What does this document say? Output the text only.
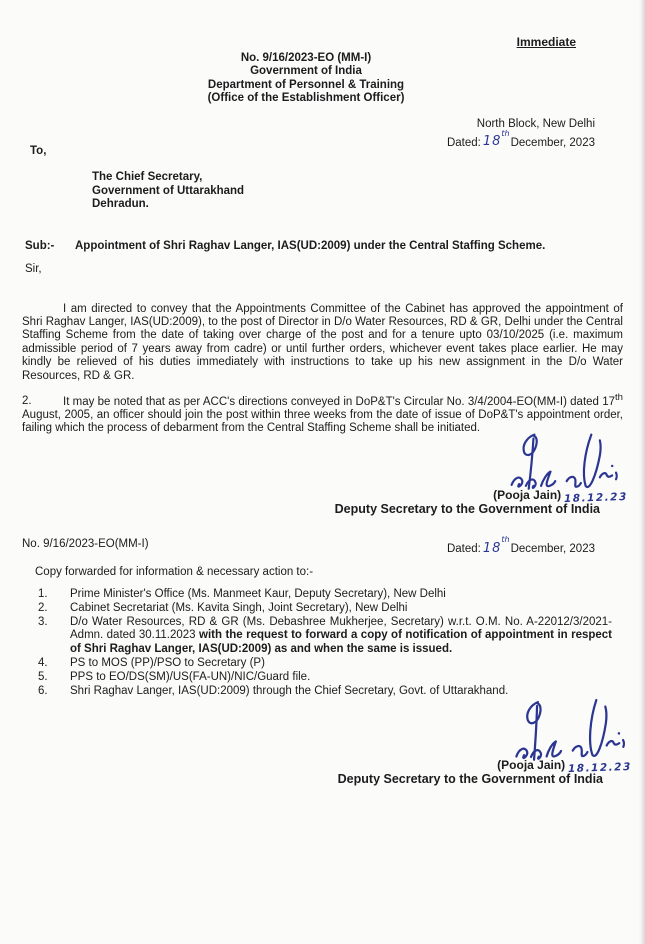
Immediate
No. 9/16/2023-EO (MM-I)
Government of India
Department of Personnel & Training
(Office of the Establishment Officer)
North Block, New Delhi
Dated: 18thDecember, 2023
To,
The Chief Secretary,
Government of Uttarakhand
Dehradun.
Sub:-	Appointment of Shri Raghav Langer, IAS(UD:2009) under the Central Staffing Scheme.
Sir,

I am directed to convey that the Appointments Committee of the Cabinet has approved the appointment of Shri Raghav Langer, IAS(UD:2009), to the post of Director in D/o Water Resources, RD & GR, Delhi under the Central Staffing Scheme from the date of taking over charge of the post and for a tenure upto 03/10/2025 (i.e. maximum admissible period of 7 years away from cadre) or until further orders, whichever event takes place earlier. He may kindly be relieved of his duties immediately with instructions to take up his new assignment in the D/o Water Resources, RD & GR.

2.	It may be noted that as per ACC's directions conveyed in DoP&T's Circular No. 3/4/2004-EO(MM-I) dated 17th August, 2005, an officer should join the post within three weeks from the date of issue of DoP&T's appointment order, failing which the process of debarment from the Central Staffing Scheme shall be initiated.

(Pooja Jain) 18.12.23
Deputy Secretary to the Government of India
No. 9/16/2023-EO(MM-I)	Dated: 18thDecember, 2023
Copy forwarded for information & necessary action to:-
1.	Prime Minister's Office (Ms. Manmeet Kaur, Deputy Secretary), New Delhi
2.	Cabinet Secretariat (Ms. Kavita Singh, Joint Secretary), New Delhi
3.	D/o Water Resources, RD & GR (Ms. Debashree Mukherjee, Secretary) w.r.t. O.M. No. A-22012/3/2021-Admn. dated 30.11.2023 with the request to forward a copy of notification of appointment in respect of Shri Raghav Langer, IAS(UD:2009) as and when the same is issued.
4.	PS to MOS (PP)/PSO to Secretary (P)
5.	PPS to EO/DS(SM)/US(FA-UN)/NIC/Guard file.
6.	Shri Raghav Langer, IAS(UD:2009) through the Chief Secretary, Govt. of Uttarakhand.
(Pooja Jain) 18.12.23
Deputy Secretary to the Government of India
